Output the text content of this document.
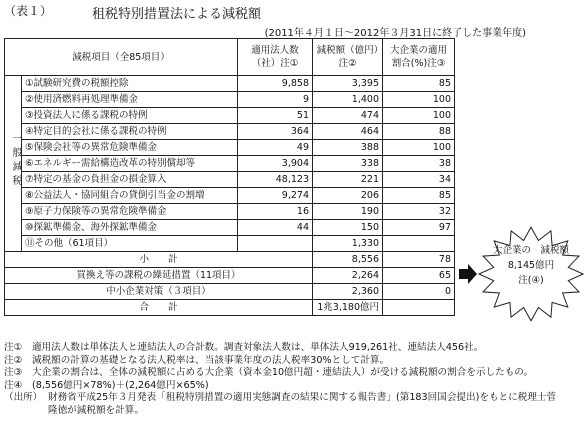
（表１）	租税特別措置法による減税額
(2011年４月１日～2012年３月31日に終了した事業年度)
減税項目（全85項目）		適用法人数（社）注①	減税額（億円）注②	大企業の適用割合(%)注③
一般減税	①試験研究費の税額控除	9,858	3,395	85
	②使用済燃料再処理準備金	9	1,400	100
	③投資法人に係る課税の特例	51	474	100
	④特定目的会社に係る課税の特例	364	464	88
	⑤保険会社等の異常危険準備金	49	388	100
	⑥エネルギー需給構造改革の特別償却等	3,904	338	38
	⑦特定の基金の負担金の損金算入	48,123	221	34
	⑧公益法人・協同組合の貸倒引当金の割増	9,274	206	85
	⑨原子力保険等の異常危険準備金	16	190	32
	⑩探鉱準備金、海外探鉱準備金	44	150	97
	⑪その他（61項目）		1,330	
小　　計			8,556	78
買換え等の課税の繰延措置（11項目）			2,264	65
中小企業対策（３項目）			2,360	0
合　　計			1兆3,180億円	
大企業の　減税額
8,145億円
注(④)
注①	適用法人数は単体法人と連結法人の合計数。調査対象法人数は、単体法人919,261社、連結法人456社。
注②	減税額の計算の基礎となる法人税率は、当該事業年度の法人税率30%として計算。
注③	大企業の割合は、全体の減税額に占める大企業（資本金10億円超・連結法人）が受ける減税額の割合を示したもの。
注④	(8,556億円×78%)＋(2,264億円×65%)
（出所） 財務省平成25年３月発表「租税特別措置の適用実態調査の結果に関する報告書」(第183回国会提出)をもとに税理士菅
隆徳が減税額を計算。
